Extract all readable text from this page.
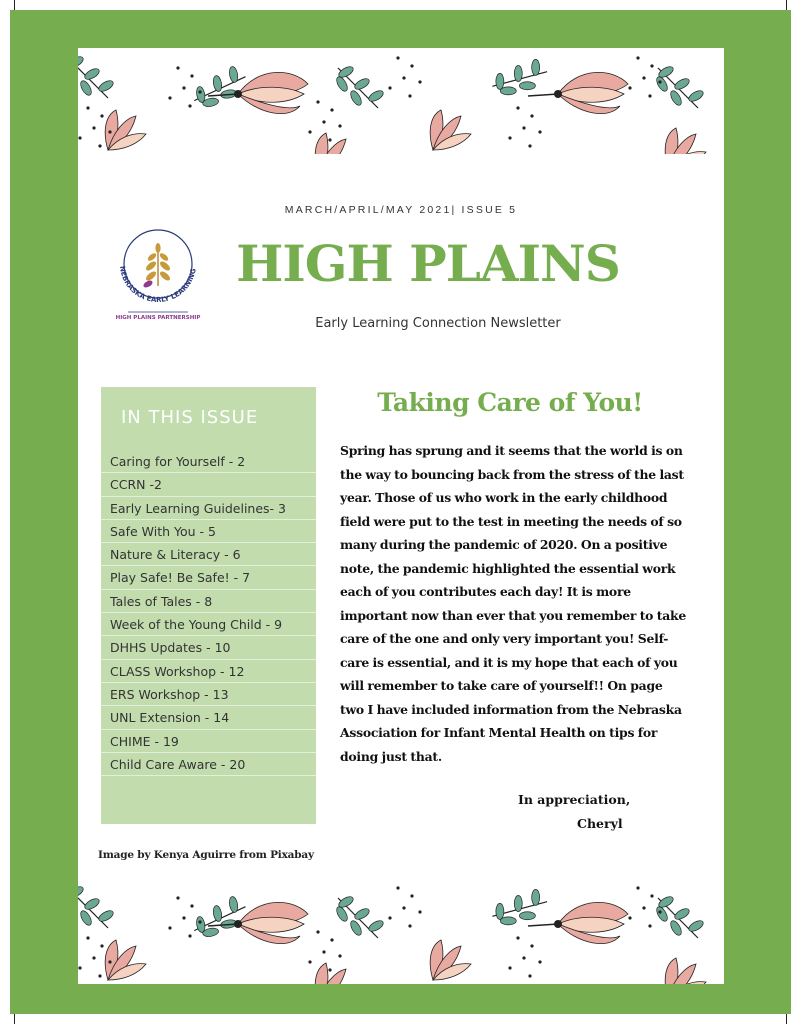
MARCH/APRIL/MAY 2021| ISSUE 5
NEBRASKA EARLY LEARNING
HIGH PLAINS PARTNERSHIP
HIGH PLAINS
Early Learning Connection Newsletter
IN THIS ISSUE
Caring for Yourself - 2
CCRN -2
Early Learning Guidelines- 3
Safe With You - 5
Nature & Literacy - 6
Play Safe! Be Safe! - 7
Tales of Tales - 8
Week of the Young Child - 9
DHHS Updates - 10
CLASS Workshop - 12
ERS Workshop - 13
UNL Extension - 14
CHIME - 19
Child Care Aware - 20
Taking Care of You!
Spring has sprung and it seems that the world is on the way to bouncing back from the stress of the last year. Those of us who work in the early childhood field were put to the test in meeting the needs of so many during the pandemic of 2020. On a positive note, the pandemic highlighted the essential work each of you contributes each day! It is more important now than ever that you remember to take care of the one and only very important you! Self-care is essential, and it is my hope that each of you will remember to take care of yourself!! On page two I have included information from the Nebraska Association for Infant Mental Health on tips for doing just that.
In appreciation,
Cheryl
Image by Kenya Aguirre from Pixabay
